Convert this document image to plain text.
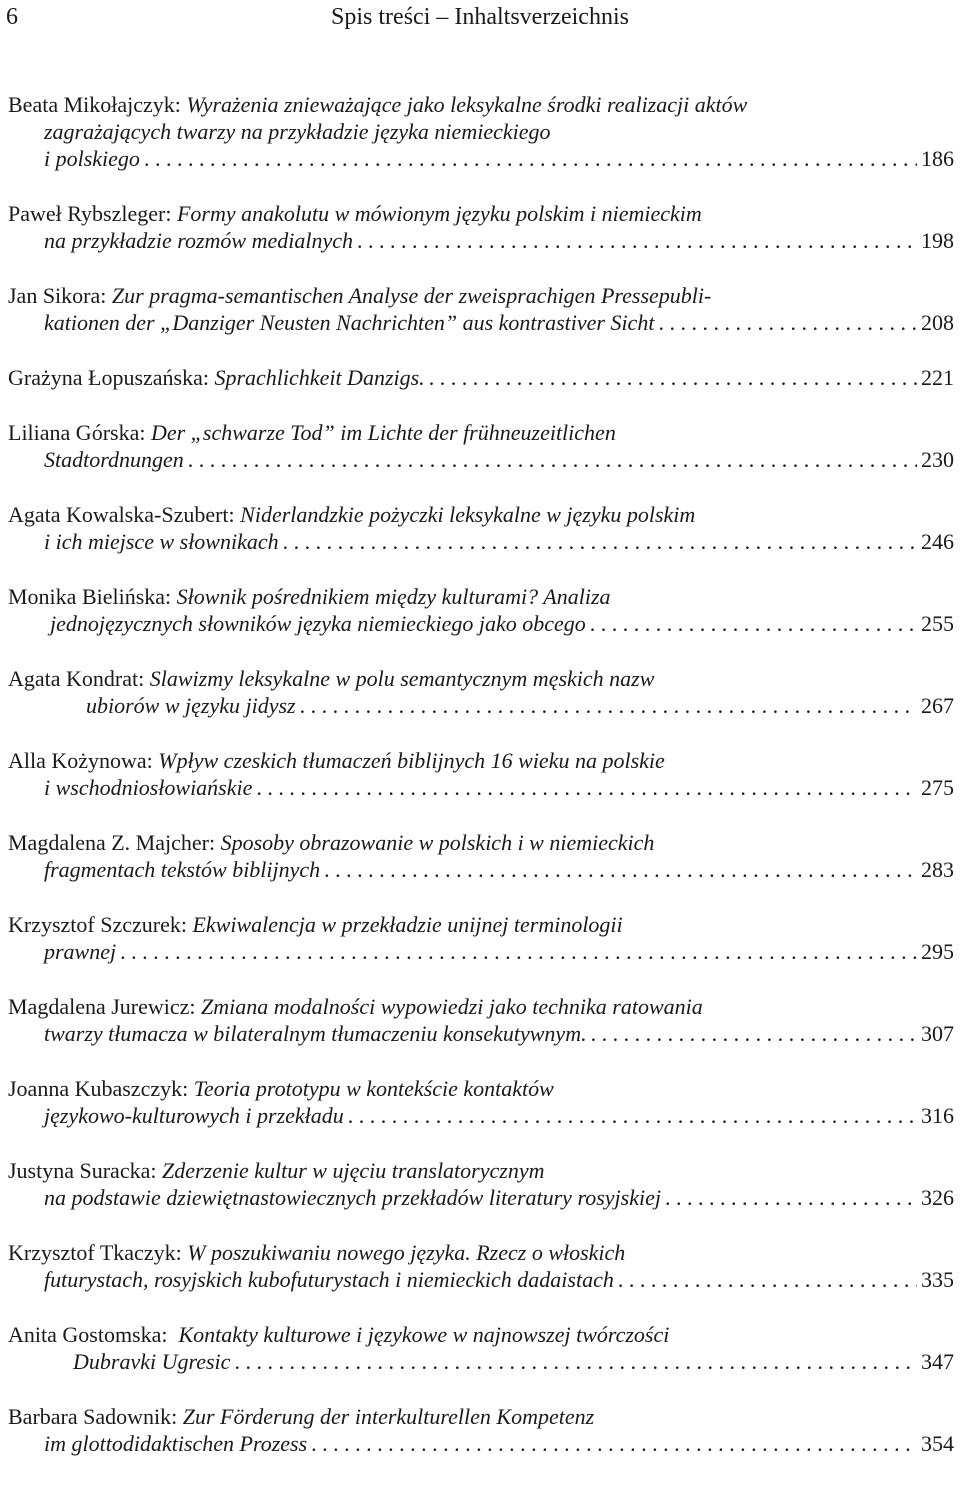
6	Spis treści – Inhaltsverzeichnis
Beata Mikołajczyk: Wyrażenia znieważające jako leksykalne środki realizacji aktów
zagrażających twarzy na przykładzie języka niemieckiego
i polskiego . . .	186
Paweł Rybszleger: Formy anakolutu w mówionym języku polskim i niemieckim
na przykładzie rozmów medialnych . . .	198
Jan Sikora: Zur pragma-semantischen Analyse der zweisprachigen Pressepubli-
kationen der „Danziger Neusten Nachrichten” aus kontrastiver Sicht . . .	208
Grażyna Łopuszańska:
Sprachlichkeit Danzigs. . . .	221
Liliana Górska: Der „schwarze Tod” im Lichte der frühneuzeitlichen
Stadtordnungen . . .	230
Agata Kowalska-Szubert: Niderlandzkie pożyczki leksykalne w języku polskim
i ich miejsce w słownikach . . .	246
Monika Bielińska: Słownik pośrednikiem między kulturami? Analiza
jednojęzycznych słowników języka niemieckiego jako obcego . . .	255
Agata Kondrat: Slawizmy leksykalne w polu semantycznym męskich nazw
ubiorów w języku jidysz . . .	267
Alla Kożynowa: Wpływ czeskich tłumaczeń biblijnych 16 wieku na polskie
i wschodniosłowiańskie . . .	275
Magdalena Z. Majcher: Sposoby obrazowanie w polskich i w niemieckich
fragmentach tekstów biblijnych . . .	283
Krzysztof Szczurek: Ekwiwalencja w przekładzie unijnej terminologii
prawnej . . .	295
Magdalena Jurewicz: Zmiana modalności wypowiedzi jako technika ratowania
twarzy tłumacza w bilateralnym tłumaczeniu konsekutywnym. . . .	307
Joanna Kubaszczyk: Teoria prototypu w kontekście kontaktów
językowo-kulturowych i przekładu . . .	316
Justyna Suracka: Zderzenie kultur w ujęciu translatorycznym
na podstawie dziewiętnastowiecznych przekładów literatury rosyjskiej . . .	326
Krzysztof Tkaczyk: W poszukiwaniu nowego języka. Rzecz o włoskich
futurystach, rosyjskich kubofuturystach i niemieckich dadaistach . . .	335
Anita Gostomska: Kontakty kulturowe i językowe w najnowszej twórczości
Dubravki Ugresic . . .	347
Barbara Sadownik: Zur Förderung der interkulturellen Kompetenz
im glottodidaktischen Prozess . . .	354
